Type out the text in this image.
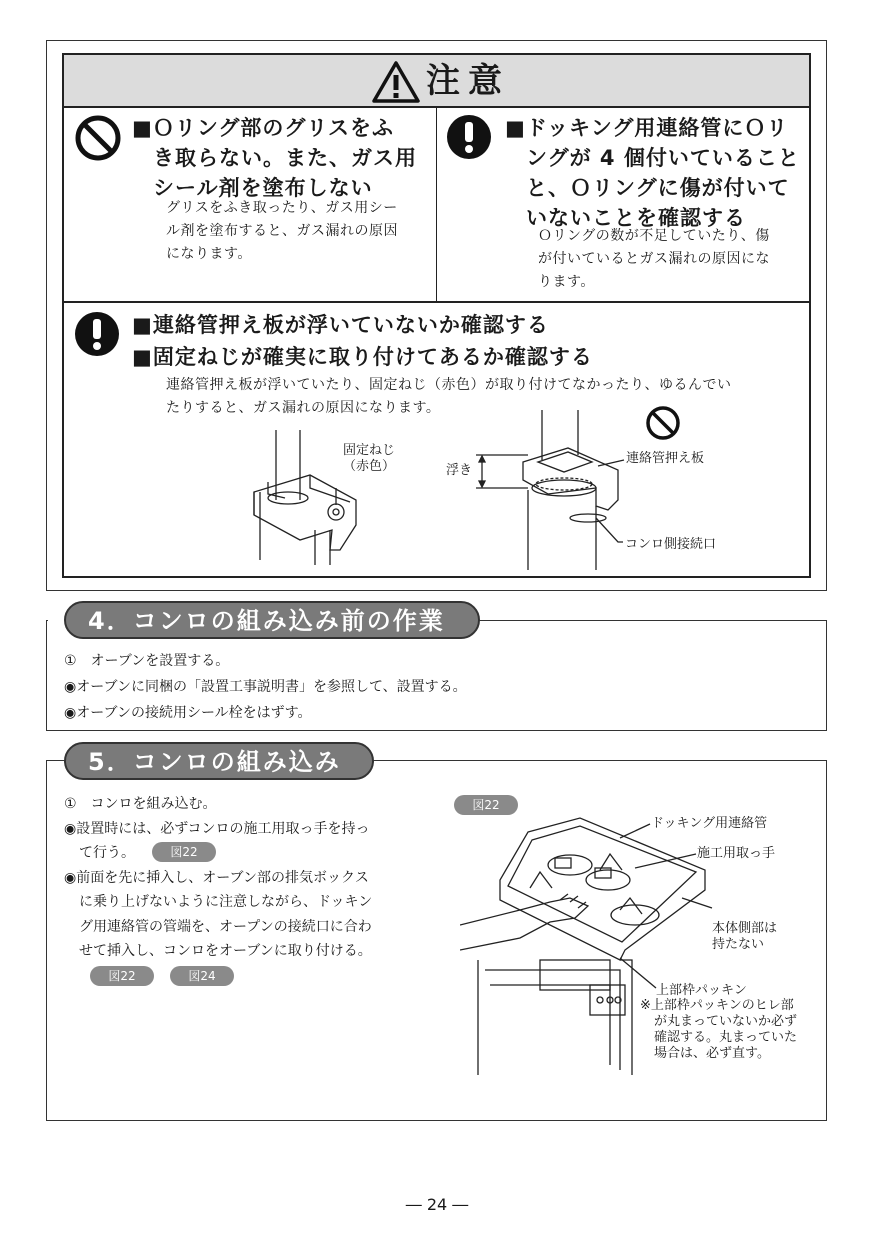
注意
■Ｏリング部のグリスをふ
き取らない。また、ガス用
シール剤を塗布しない
グリスをふき取ったり、ガス用シー
ル剤を塗布すると、ガス漏れの原因
になります。
■ドッキング用連絡管にＯリ
ングが 4 個付いていること
と、Ｏリングに傷が付いて
いないことを確認する
Ｏリングの数が不足していたり、傷
が付いているとガス漏れの原因にな
ります。
■連絡管押え板が浮いていないか確認する
■固定ねじが確実に取り付けてあるか確認する
連絡管押え板が浮いていたり、固定ねじ（赤色）が取り付けてなかったり、ゆるんでい
たりすると、ガス漏れの原因になります。
固定ねじ
（赤色）	浮き
連絡管押え板
コンロ側接続口
4．コンロの組み込み前の作業
①　オーブンを設置する。
◉オーブンに同梱の「設置工事説明書」を参照して、設置する。
◉オーブンの接続用シール栓をはずす。
5．コンロの組み込み
①　コンロを組み込む。
◉設置時には、必ずコンロの施工用取っ手を持っ
て行う。
◉前面を先に挿入し、オーブン部の排気ボックス
に乗り上げないように注意しながら、ドッキン
グ用連絡管の管端を、オープンの接続口に合わ
せて挿入し、コンロをオーブンに取り付ける。
図22
図22	図24
図22
ドッキング用連絡管
施工用取っ手
本体側部は
持たない
上部枠パッキン
※上部枠パッキンのヒレ部
が丸まっていないか必ず
確認する。丸まっていた
場合は、必ず直す。
― 24 ―
